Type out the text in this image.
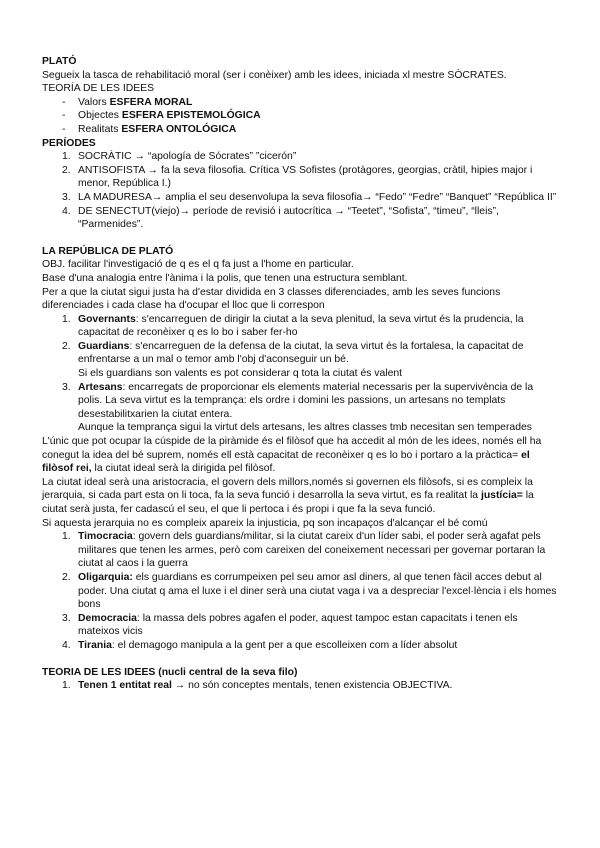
PLATÓ

Segueix la tasca de rehabilitació moral (ser i conèixer) amb les idees, iniciada xl mestre SÒCRATES.

TEORÍA DE LES IDEES

- Valors ESFERA MORAL
- Objectes ESFERA EPISTEMOLÓGICA
- Realitats ESFERA ONTOLÓGICA

PERÍODES

1. SOCRÀTIC → “apología de Sócrates” ”cicerón”
2. ANTISOFISTA → fa la seva filosofia. Crítica VS Sofistes (protàgores, georgias, cràtil, hipies major i menor, República I.)
3. LA MADURESA→ amplia el seu desenvolupa la seva filosofia→ “Fedo” “Fedre” “Banquet” “República II”
4. DE SENECTUT(viejo)→ període de revisió i autocrítica → “Teetet”, “Sofista”, “timeu”, “lleis”, “Parmenides”.

LA REPÚBLICA DE PLATÓ

OBJ. facilitar l'investigació de q es el q fa just a l'home en particular.

Base d'una analogia entre l'ànima i la polis, que tenen una estructura semblant.

Per a que la ciutat sigui justa ha d'estar dividida en 3 classes diferenciades, amb les seves funcions diferenciades i cada clase ha d'ocupar el lloc que li correspon

1. Governants: s'encarreguen de dirigir la ciutat a la seva plenitud, la seva virtut és la prudencia, la capacitat de reconèixer q es lo bo i saber fer-ho
2. Guardians: s'encarreguen de la defensa de la ciutat, la seva virtut és la fortalesa, la capacitat de enfrentarse a un mal o temor amb l'obj d'aconseguir un bé.
Si els guardians son valents es pot considerar q tota la ciutat és valent
3. Artesans: encarregats de proporcionar els elements material necessaris per la supervivència de la polis. La seva virtut es la temprança: els ordre i domini les passions, un artesans no templats desestabilitxarien la ciutat entera.
Aunque la temprança sigui la virtut dels artesans, les altres classes tmb necesitan sen temperades

L'únic que pot ocupar la cúspide de la piràmide és el filòsof que ha accedit al món de les idees, només ell ha conegut la idea del bé suprem, només ell està capacitat de reconèixer q es lo bo i portaro a la pràctica= el filòsof rei, la ciutat ideal serà la dirigida pel filòsof.

La ciutat ideal serà una aristocracia, el govern dels millors,només si governen els filòsofs, si es compleix la jerarquia, si cada part esta on li toca, fa la seva funció i desarrolla la seva virtut, es fa realitat la justícia= la ciutat serà justa, fer cadascú el seu, el que li pertoca i és propi i que fa la seva funció.

Si aquesta jerarquia no es compleix apareix la injusticia, pq son incapaços d'alcançar el bé comú

1. Timocracia: govern dels guardians/militar, si la ciutat careix d'un líder sabi, el poder serà agafat pels militares que tenen les armes, però com careixen del coneixement necessari per governar portaran la ciutat al caos i la guerra
2. Oligarquia: els guardians es corrumpeixen pel seu amor asl diners, al que tenen fàcil acces debut al poder. Una ciutat q ama el luxe i el diner serà una ciutat vaga i va a despreciar l'excel·lència i els homes bons
3. Democracia: la massa dels pobres agafen el poder, aquest tampoc estan capacitats i tenen els mateixos vicis
4. Tirania: el demagogo manipula a la gent per a que escolleixen com a líder absolut

TEORIA DE LES IDEES (nucli central de la seva filo)

1. Tenen 1 entitat real → no són conceptes mentals, tenen existencia OBJECTIVA.
